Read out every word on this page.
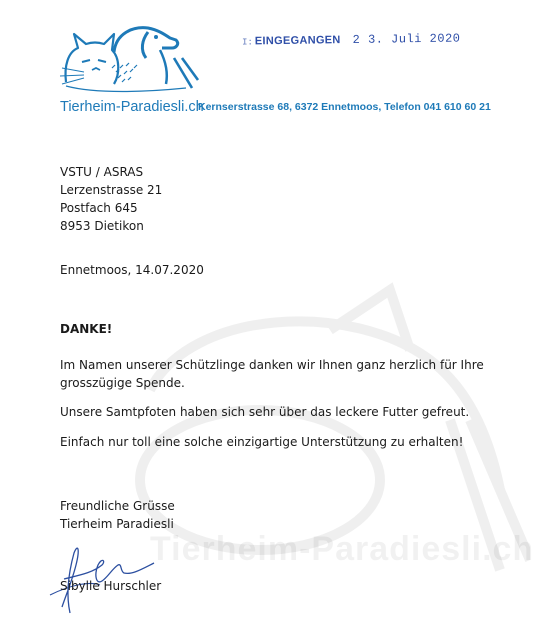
Tierheim-Paradiesli.ch
Tierheim-Paradiesli.ch
Kernserstrasse 68, 6372 Ennetmoos, Telefon 041 610 60 21
I: EINGEGANGEN 2 3. Juli 2020
VSTU / ASRAS
Lerzenstrasse 21
Postfach 645
8953 Dietikon
Ennetmoos, 14.07.2020
DANKE!
Im Namen unserer Schützlinge danken wir Ihnen ganz herzlich für Ihre
grosszügige Spende.
Unsere Samtpfoten haben sich sehr über das leckere Futter gefreut.
Einfach nur toll eine solche einzigartige Unterstützung zu erhalten!
Freundliche Grüsse
Tierheim Paradiesli
Sibylle Hurschler
